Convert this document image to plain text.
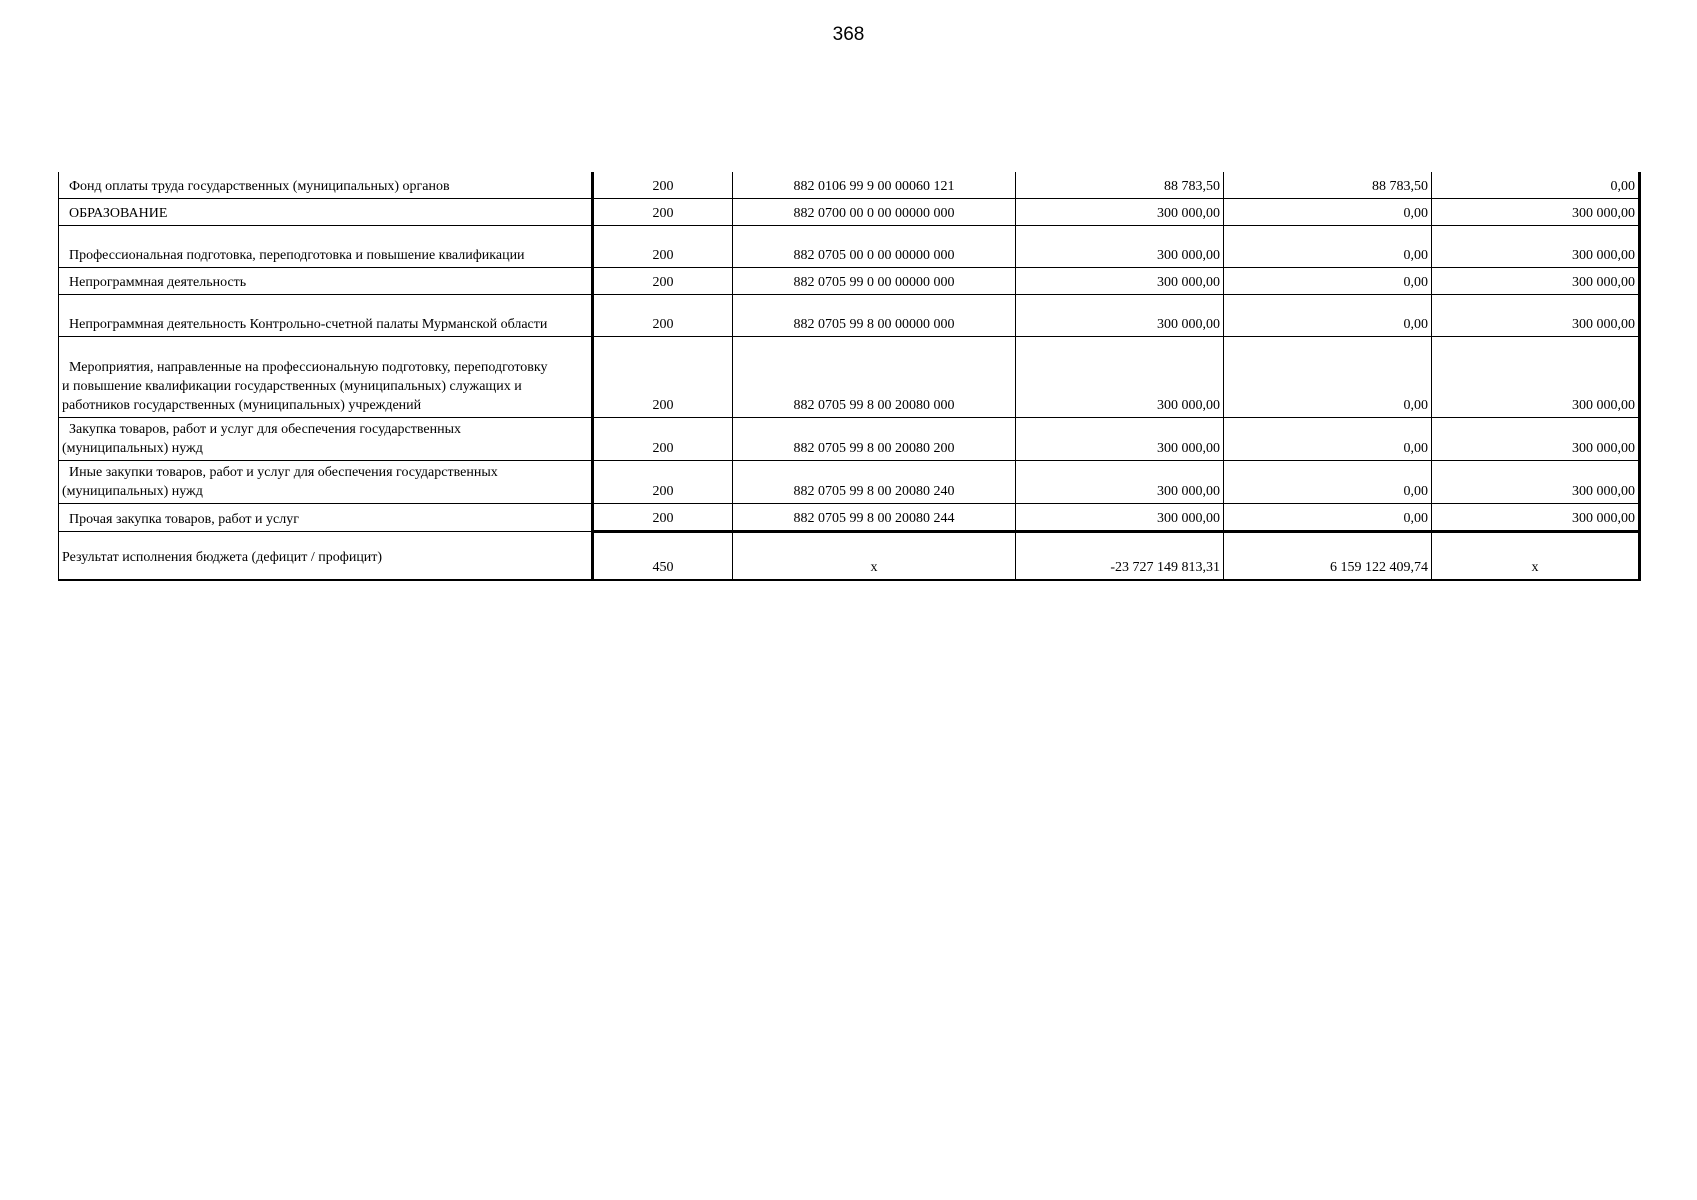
368
Фонд оплаты труда государственных (муниципальных) органов	200	882 0106 99 9 00 00060 121	88 783,50	88 783,50	0,00
ОБРАЗОВАНИЕ	200	882 0700 00 0 00 00000 000	300 000,00	0,00	300 000,00
Профессиональная подготовка, переподготовка и повышение квалификации	200	882 0705 00 0 00 00000 000	300 000,00	0,00	300 000,00
Непрограммная деятельность	200	882 0705 99 0 00 00000 000	300 000,00	0,00	300 000,00
Непрограммная деятельность Контрольно-счетной палаты Мурманской области	200	882 0705 99 8 00 00000 000	300 000,00	0,00	300 000,00

Мероприятия, направленные на профессиональную подготовку, переподготовку
и повышение квалификации государственных (муниципальных) служащих и
работников государственных (муниципальных) учреждений	200	882 0705 99 8 00 20080 000	300 000,00	0,00	300 000,00

Закупка товаров, работ и услуг для обеспечения государственных
(муниципальных) нужд	200	882 0705 99 8 00 20080 200	300 000,00	0,00	300 000,00

Иные закупки товаров, работ и услуг для обеспечения государственных
(муниципальных) нужд	200	882 0705 99 8 00 20080 240	300 000,00	0,00	300 000,00
Прочая закупка товаров, работ и услуг	200	882 0705 99 8 00 20080 244	300 000,00	0,00	300 000,00
Результат исполнения бюджета (дефицит / профицит)	450	x	-23 727 149 813,31	6 159 122 409,74	x
